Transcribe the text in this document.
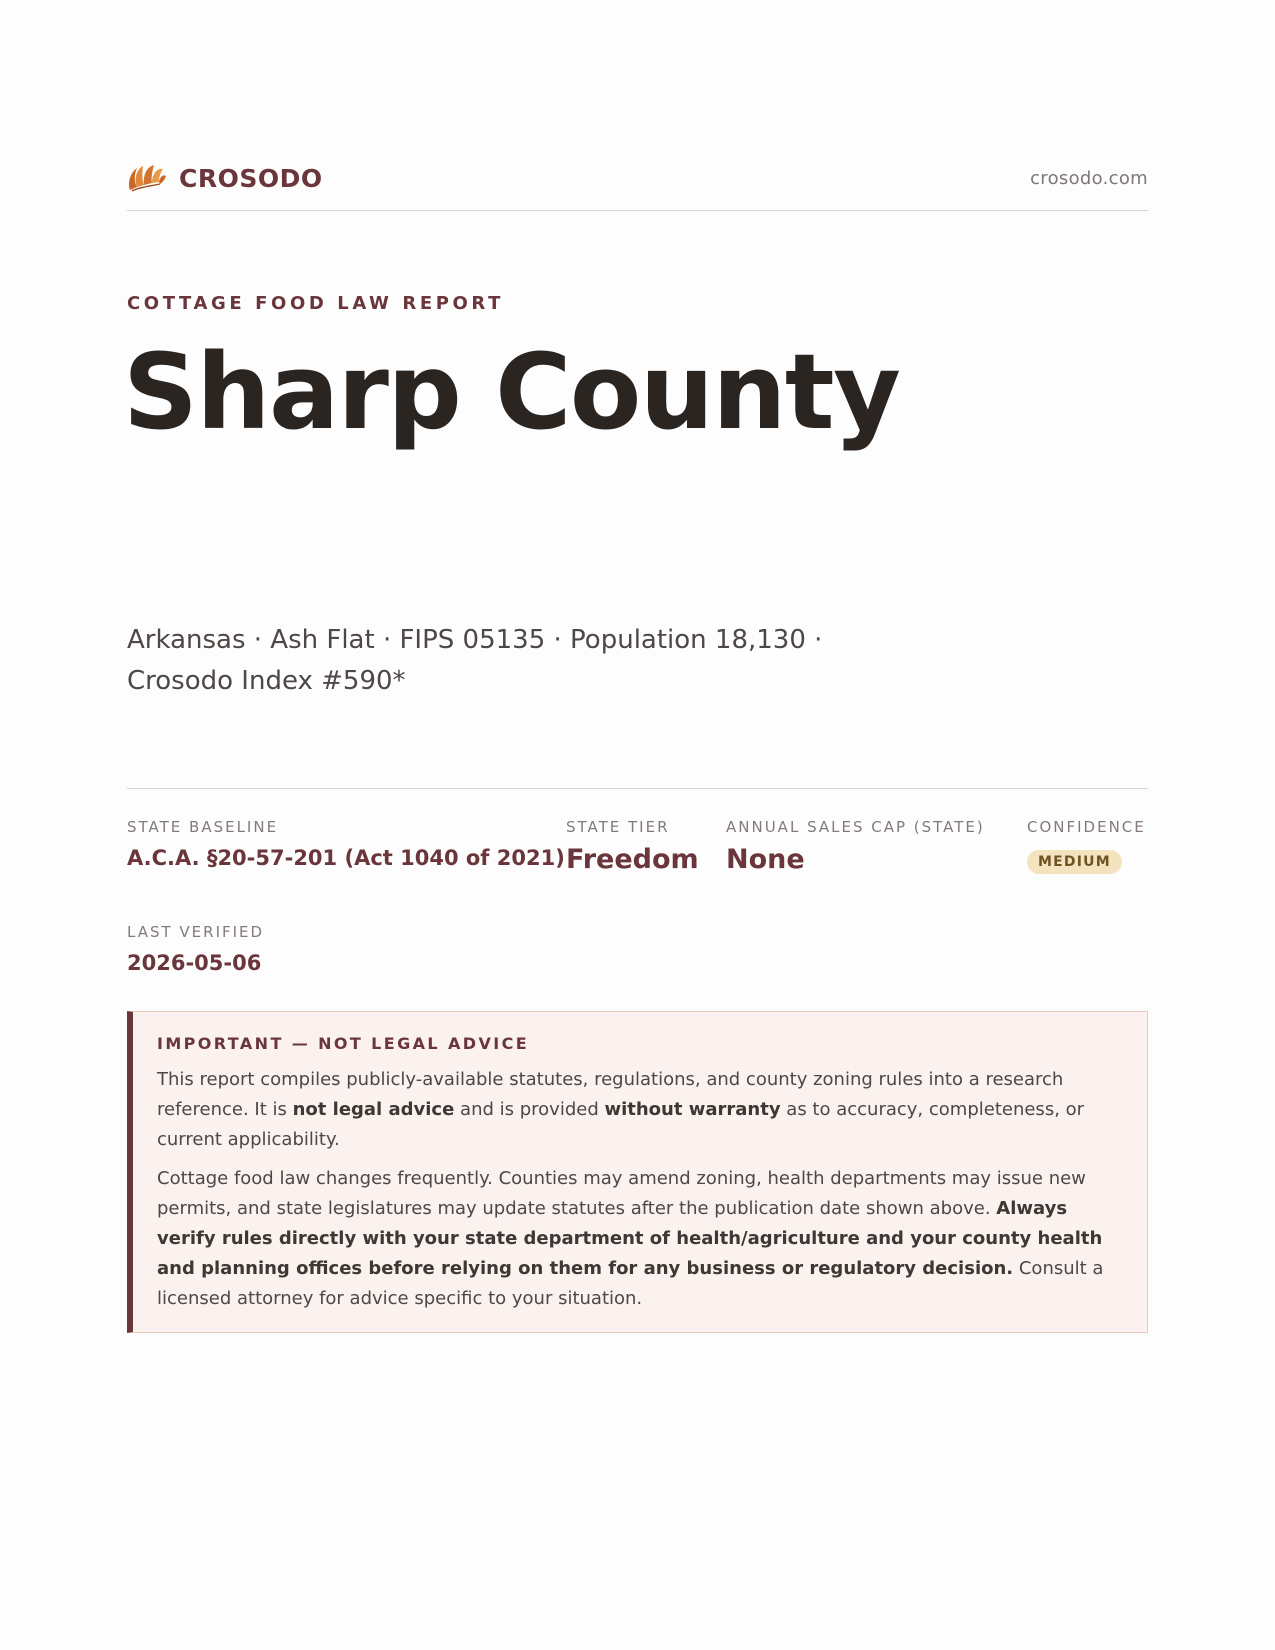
CROSODO	crosodo.com
COTTAGE FOOD LAW REPORT
Sharp County
Arkansas · Ash Flat · FIPS 05135 · Population 18,130 ·
Crosodo Index #590*
STATE BASELINE
A.C.A. §20-57-201 (Act 1040 of 2021)
STATE TIER
Freedom
ANNUAL SALES CAP (STATE)
None
CONFIDENCE
MEDIUM
LAST VERIFIED
2026-05-06
IMPORTANT — NOT LEGAL ADVICE

This report compiles publicly-available statutes, regulations, and county zoning rules into a research reference. It is not legal advice and is provided without warranty as to accuracy, completeness, or current applicability.

Cottage food law changes frequently. Counties may amend zoning, health departments may issue new permits, and state legislatures may update statutes after the publication date shown above. Always verify rules directly with your state department of health/agriculture and your county health and planning offices before relying on them for any business or regulatory decision. Consult a licensed attorney for advice specific to your situation.
